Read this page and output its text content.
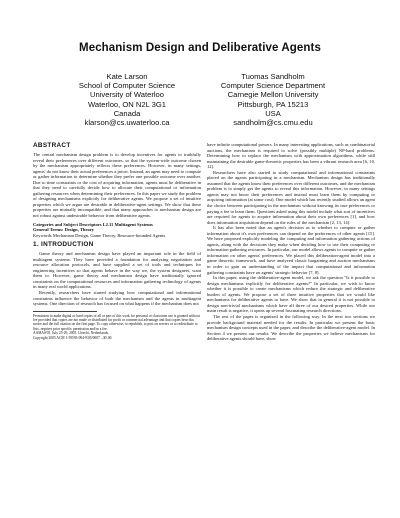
Mechanism Design and Deliberative Agents
Kate Larson
School of Computer Science
University of Waterloo
Waterloo, ON N2L 3G1
Canada
klarson@cs.uwaterloo.ca
Tuomas Sandholm
Computer Science Department
Carnegie Mellon University
Pittsburgh, PA 15213
USA
sandholm@cs.cmu.edu
ABSTRACT

The central mechanism design problem is to develop incentives for agents to truthfully reveal their preferences over different outcomes, so that the system-wide outcome chosen by the mechanism appropriately reflects these preferences. However, in many settings, agents' do not know their actual preferences a priori. Instead, an agent may need to compute or gather information to determine whether they prefer one possible outcome over another. Due to time constraints or the cost of acquiring information, agents must be deliberative in that they need to carefully decide how to allocate their computational or information gathering resources when determining their preferences. In this paper we study the problem of designing mechanisms explicitly for deliberative agents. We propose a set of intuitive properties which we argue are desirable in deliberative-agent settings. We show that these properties are mutually incompatible, and that many approaches to mechanism design are not robust against undesirable behavior from deliberative agents.

Categories and Subject Descriptors I.2.11 Multiagent Systems

General Terms: Design, Theory

Keywords Mechanism Design, Game Theory, Resource-bounded Agents

1. INTRODUCTION

Game theory and mechanism design have played an important role in the field of multiagent systems. They have provided a foundation for analyzing negotiation and resource allocation protocols, and have supplied a set of tools and techniques for engineering incentives so that agents behave in the way we, the system designers, want them to. However, game theory and mechanism design have traditionally ignored constraints on the computational resources and information gathering technology of agents in many real world applications.

Recently, researchers have started studying how computational and informational constraints influence the behavior of both the mechanism and the agents in multiagent systems. One direction of research has focused on what happens if the mechanism does not

Permission to make digital or hard copies of all or part of this work for personal or classroom use is granted without fee provided that copies are not made or distributed for profit or commercial advantage and that copies bear this notice and the full citation on the first page. To copy otherwise, to republish, to post on servers or to redistribute to lists, requires prior specific permission and/or a fee.

AAMAS'05, July 25-29, 2005, Utrecht, Netherlands.

Copyright 2005 ACM 1-59593-094-9/05/0007 ...$5.00.

have infinite computational powers. In many interesting applications, such as combinatorial auctions, the mechanism is required to solve (possibly multiple) NP-hard problems. Determining how to replace the mechanism with approximation algorithms, while still maintaining the desirable game-theoretic properties has been a vibrant research area [6, 10, 12].

Researchers have also started to study computational and informational constraints placed on the agents participating in a mechanism. Mechanism design has traditionally assumed that the agents know their preferences over different outcomes, and the mechanism problem is to simply get the agents to reveal this information. However, in many settings agents may not know their preferences and instead must learn them by computing or acquiring information (at some cost). One model which has recently studied allows an agent the choice between participating in the mechanism without knowing its true preferences or paying a fee to learn them. Questions asked using this model include what sort of incentives are required for agents to acquire information about their own preferences [1], and how does information acquisition depend on the rules of the mechanism [2, 13, 14].

It has also been noted that an agent's decision as to whether to compute or gather information about it's own preferences can depend on the preferences of other agents [15]. We have proposed explicitly modeling the computing and information gathering actions of agents, along with the decisions they make when deciding how to use their computing or information gathering resources. In particular, our model allows agents to compute or gather information on other agents' preferences. We placed this deliberation-agent model into a game theoretic framework, and have analyzed classic bargaining and auction mechanisms in order to gain an understanding of the impact that computational and information gathering constraints have on agents' strategic behavior [7, 8].

In this paper, using the deliberative-agent model, we ask the question "Is it possible to design mechanisms explicitly for deliberative agents?" In particular, we wish to know whether it is possible to create mechanisms which reduce the strategic and deliberative burden of agents. We propose a set of three intuitive properties that we would like mechanisms for deliberative agents to have. We show that in general it is not possible to design non-trivial mechanisms which have all three of our desired properties. While our main result is negative, it opens up several fascinating research directions.

The rest of the paper is organized in the following way. In the next two sections we provide background material needed for the results. In particular we present the basic mechanism design concepts used in the paper, and describe the deliberative-agent model. In Section 4 we present our results. We describe the properties we believe mechanisms for deliberative agents should have, show
